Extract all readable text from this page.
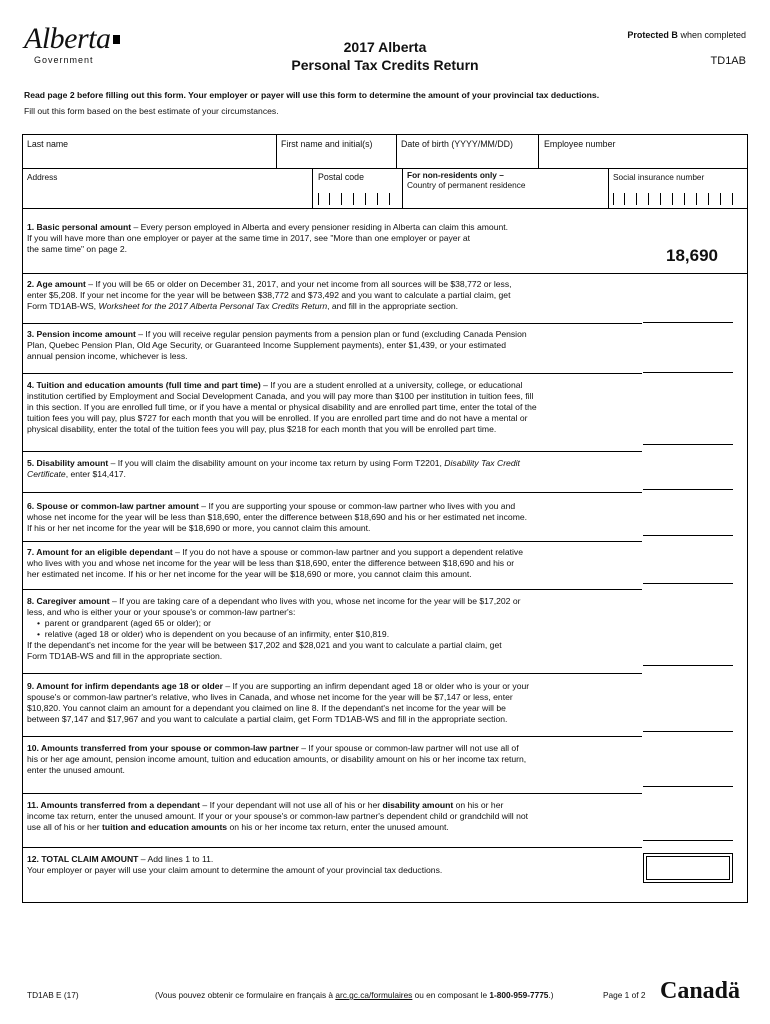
Alberta
Government
2017 Alberta
Personal Tax Credits Return
Protected B when completed
TD1AB
Read page 2 before filling out this form. Your employer or payer will use this form to determine the amount of your provincial tax deductions.
Fill out this form based on the best estimate of your circumstances.
Last name	First name and initial(s)	Date of birth (YYYY/MM/DD)	Employee number
Address	Postal code	For non-residents only –
Country of permanent residence
Social insurance number
1. Basic personal amount – Every person employed in Alberta and every pensioner residing in Alberta can claim this amount.
If you will have more than one employer or payer at the same time in 2017, see "More than one employer or payer at
the same time" on page 2.	18,690
2. Age amount – If you will be 65 or older on December 31, 2017, and your net income from all sources will be $38,772 or less,
enter $5,208. If your net income for the year will be between $38,772 and $73,492 and you want to calculate a partial claim, get
Form TD1AB-WS, Worksheet for the 2017 Alberta Personal Tax Credits Return, and fill in the appropriate section.
3. Pension income amount – If you will receive regular pension payments from a pension plan or fund (excluding Canada Pension
Plan, Quebec Pension Plan, Old Age Security, or Guaranteed Income Supplement payments), enter $1,439, or your estimated
annual pension income, whichever is less.
4. Tuition and education amounts (full time and part time) – If you are a student enrolled at a university, college, or educational
institution certified by Employment and Social Development Canada, and you will pay more than $100 per institution in tuition fees, fill
in this section. If you are enrolled full time, or if you have a mental or physical disability and are enrolled part time, enter the total of the
tuition fees you will pay, plus $727 for each month that you will be enrolled. If you are enrolled part time and do not have a mental or
physical disability, enter the total of the tuition fees you will pay, plus $218 for each month that you will be enrolled part time.
5. Disability amount – If you will claim the disability amount on your income tax return by using Form T2201, Disability Tax Credit
Certificate, enter $14,417.
6. Spouse or common-law partner amount – If you are supporting your spouse or common-law partner who lives with you and
whose net income for the year will be less than $18,690, enter the difference between $18,690 and his or her estimated net income.
If his or her net income for the year will be $18,690 or more, you cannot claim this amount.
7. Amount for an eligible dependant – If you do not have a spouse or common-law partner and you support a dependent relative
who lives with you and whose net income for the year will be less than $18,690, enter the difference between $18,690 and his or
her estimated net income. If his or her net income for the year will be $18,690 or more, you cannot claim this amount.
8. Caregiver amount – If you are taking care of a dependant who lives with you, whose net income for the year will be $17,202 or
less, and who is either your or your spouse's or common-law partner's:
•  parent or grandparent (aged 65 or older); or
•  relative (aged 18 or older) who is dependent on you because of an infirmity, enter $10,819.
If the dependant's net income for the year will be between $17,202 and $28,021 and you want to calculate a partial claim, get
Form TD1AB-WS and fill in the appropriate section.
9. Amount for infirm dependants age 18 or older – If you are supporting an infirm dependant aged 18 or older who is your or your
spouse's or common-law partner's relative, who lives in Canada, and whose net income for the year will be $7,147 or less, enter
$10,820. You cannot claim an amount for a dependant you claimed on line 8. If the dependant's net income for the year will be
between $7,147 and $17,967 and you want to calculate a partial claim, get Form TD1AB-WS and fill in the appropriate section.
10. Amounts transferred from your spouse or common-law partner – If your spouse or common-law partner will not use all of
his or her age amount, pension income amount, tuition and education amounts, or disability amount on his or her income tax return,
enter the unused amount.
11. Amounts transferred from a dependant – If your dependant will not use all of his or her disability amount on his or her
income tax return, enter the unused amount. If your or your spouse's or common-law partner's dependent child or grandchild will not
use all of his or her tuition and education amounts on his or her income tax return, enter the unused amount.
12. TOTAL CLAIM AMOUNT – Add lines 1 to 11.
Your employer or payer will use your claim amount to determine the amount of your provincial tax deductions.
TD1AB E (17)	(Vous pouvez obtenir ce formulaire en français à arc.gc.ca/formulaires ou en composant le 1-800-959-7775.)	Page 1 of 2 Canadä
